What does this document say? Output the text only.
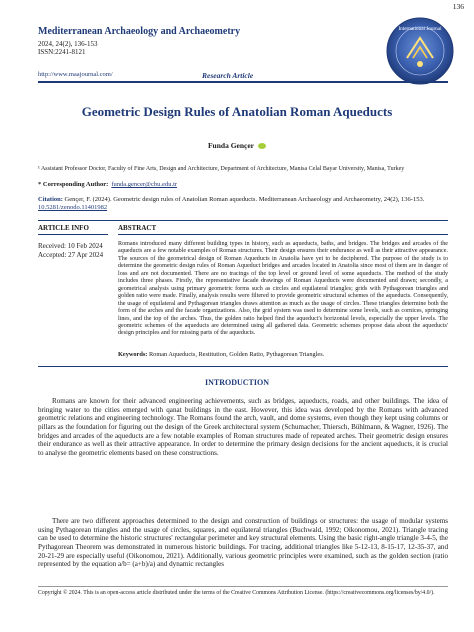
136
Mediterranean Archaeology and Archaeometry
2024, 24(2), 136-153
ISSN:2241-8121
http://www.maajournal.com/	Research Article
International Journal
Geometric Design Rules of Anatolian Roman Aqueducts
Funda Gençer
¹ Assistant Professor Doctor, Faculty of Fine Arts, Design and Architecture, Department of Architecture, Manisa Celal Bayar University, Manisa, Turkey
* Corresponding Author: funda.gencer@cbu.edu.tr
Citation: Gençer, F. (2024). Geometric design rules of Anatolian Roman aqueducts. Mediterranean Archaeology and Archaeometry, 24(2), 136-153. 10.5281/zenodo.11401982
ARTICLE INFO	ABSTRACT
Received: 10 Feb 2024
Accepted: 27 Apr 2024
Romans introduced many different building types in history, such as aqueducts, baths, and bridges. The bridges and arcades of the aqueducts are a few notable examples of Roman structures. Their design ensures their endurance as well as their attractive appearance. The sources of the geometrical design of Roman Aqueducts in Anatolia have yet to be deciphered. The purpose of the study is to determine the geometric design rules of Roman Aqueduct bridges and arcades located in Anatolia since most of them are in danger of loss and are not documented. There are no tracings of the top level or ground level of some aqueducts. The method of the study includes three phases. Firstly, the representative facade drawings of Roman Aqueducts were documented and drawn; secondly, a geometrical analysis using primary geometric forms such as circles and equilateral triangles; grids with Pythagorean triangles and golden ratio were made. Finally, analysis results were filtered to provide geometric structural schemes of the aqueducts. Consequently, the usage of equilateral and Pythagorean triangles draws attention as much as the usage of circles. These triangles determine both the form of the arches and the facade organizations. Also, the grid system was used to determine some levels, such as cornices, springing lines, and the top of the arches. Thus, the golden ratio helped find the aqueduct's horizontal levels, especially the upper levels. The geometric schemes of the aqueducts are determined using all gathered data. Geometric schemes propose data about the aqueducts' design principles and for missing parts of the aqueducts.
Keywords: Roman Aqueducts, Restitution, Golden Ratio, Pythagorean Triangles.
INTRODUCTION
Romans are known for their advanced engineering achievements, such as bridges, aqueducts, roads, and other buildings. The idea of bringing water to the cities emerged with qanat buildings in the east. However, this idea was developed by the Romans with advanced geometric relations and engineering technology. The Romans found the arch, vault, and dome systems, even though they kept using columns or pillars as the foundation for figuring out the design of the Greek architectural system (Schumacher, Thiersch, Bühlmann, & Wagner, 1926). The bridges and arcades of the aqueducts are a few notable examples of Roman structures made of repeated arches. Their geometric design ensures their endurance as well as their attractive appearance. In order to determine the primary design decisions for the ancient aqueducts, it is crucial to analyse the geometric elements based on these constructions.
There are two different approaches determined to the design and construction of buildings or structures: the usage of modular systems using Pythagorean triangles and the usage of circles, squares, and equilateral triangles (Buchwald, 1992; Oikonomou, 2021). Triangle tracing can be used to determine the historic structures' rectangular perimeter and key structural elements. Using the basic right-angle triangle 3-4-5, the Pythagorean Theorem was demonstrated in numerous historic buildings. For tracing, additional triangles like 5-12-13, 8-15-17, 12-35-37, and 20-21-29 are especially useful (Oikonomou, 2021). Additionally, various geometric principles were examined, such as the golden section (ratio represented by the equation a/b= (a+b)/a) and dynamic rectangles
Copyright © 2024. This is an open-access article distributed under the terms of the Creative Commons Attribution License. (https://creativecommons.org/licenses/by/4.0/).
